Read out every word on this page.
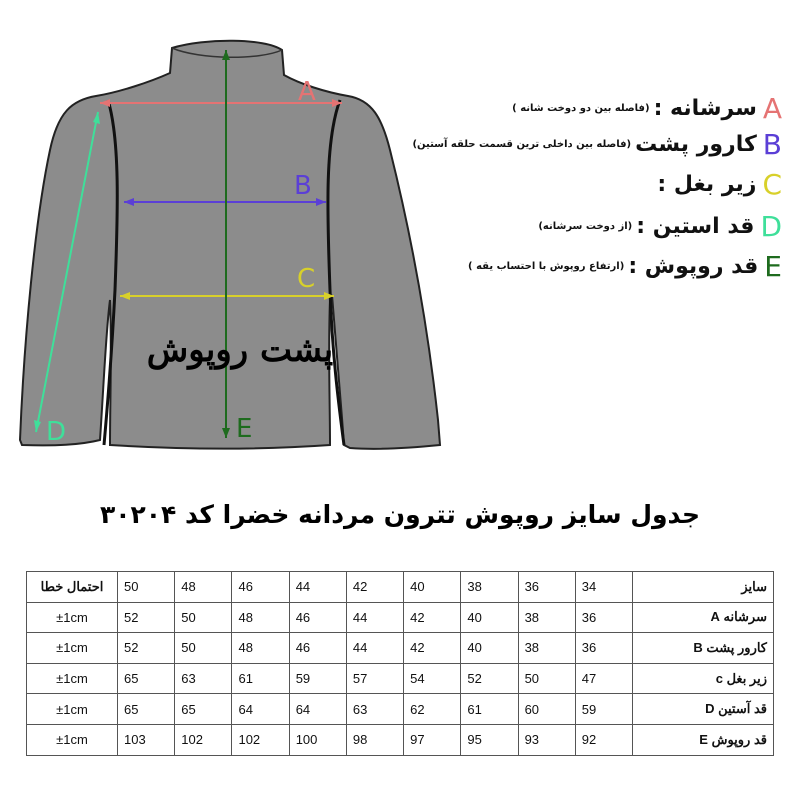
A
B
C
D	E
پشت روپوش
Aسرشانه :(فاصله بین دو دوخت شانه )
Bکارور پشت(فاصله بین داخلی ترین قسمت حلقه آستین)
Cزیر بغل :
Dقد استین :(از دوخت سرشانه)
Eقد روپوش :(ارتفاع روپوش با احتساب یقه )
جدول سایز روپوش تترون مردانه خضرا کد ۳۰۲۰۴
سایز	34	36	38	40	42	44	46	48	50	احتمال خطا
سرشانه A	36	38	40	42	44	46	48	50	52	±1cm
کارور پشت B	36	38	40	42	44	46	48	50	52	±1cm
زیر بغل c	47	50	52	54	57	59	61	63	65	±1cm
قد آستین D	59	60	61	62	63	64	64	65	65	±1cm
قد روپوش E	92	93	95	97	98	100	102	102	103	±1cm
